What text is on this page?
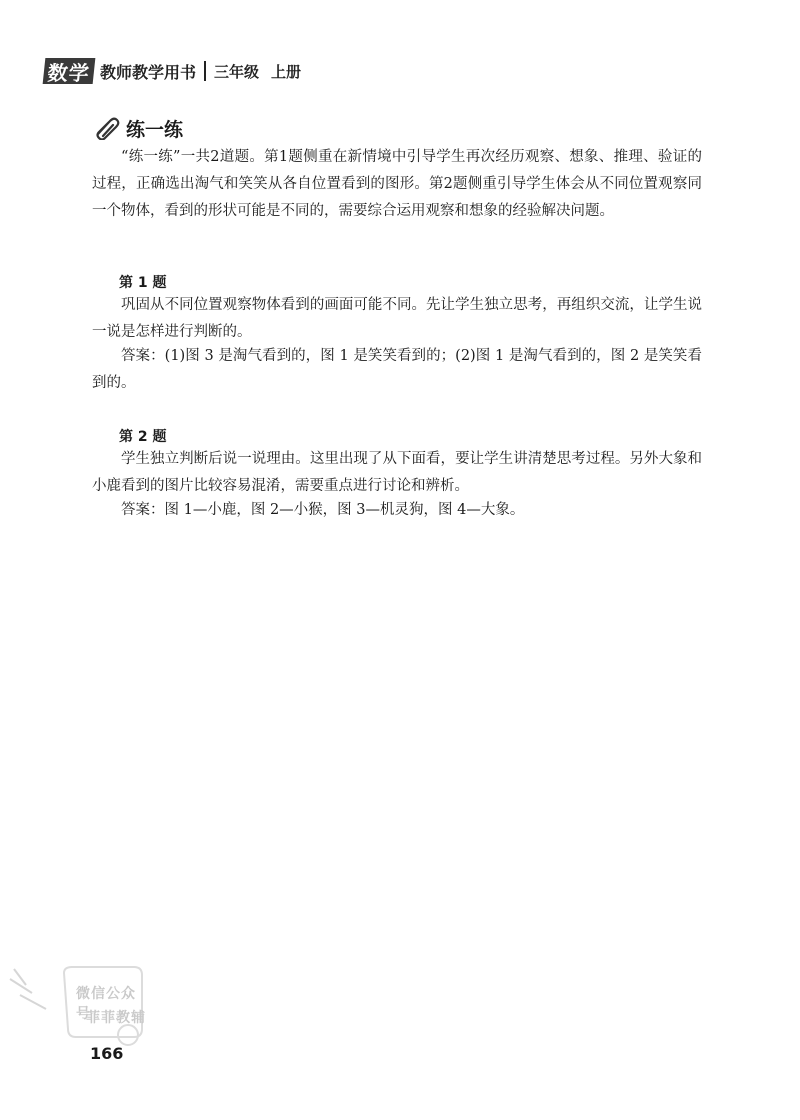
数学 教师教学用书 三年级 上册
练一练

“练一练”一共2道题。第1题侧重在新情境中引导学生再次经历观察、想象、推理、验证的过程，正确选出淘气和笑笑从各自位置看到的图形。第2题侧重引导学生体会从不同位置观察同一个物体，看到的形状可能是不同的，需要综合运用观察和想象的经验解决问题。

第 1 题

巩固从不同位置观察物体看到的画面可能不同。先让学生独立思考，再组织交流，让学生说一说是怎样进行判断的。

答案：(1)图 3 是淘气看到的，图 1 是笑笑看到的；(2)图 1 是淘气看到的，图 2 是笑笑看到的。

第 2 题

学生独立判断后说一说理由。这里出现了从下面看，要让学生讲清楚思考过程。另外大象和小鹿看到的图片比较容易混淆，需要重点进行讨论和辨析。

答案：图 1—小鹿，图 2—小猴，图 3—机灵狗，图 4—大象。

微信公众号
菲菲教辅
166
